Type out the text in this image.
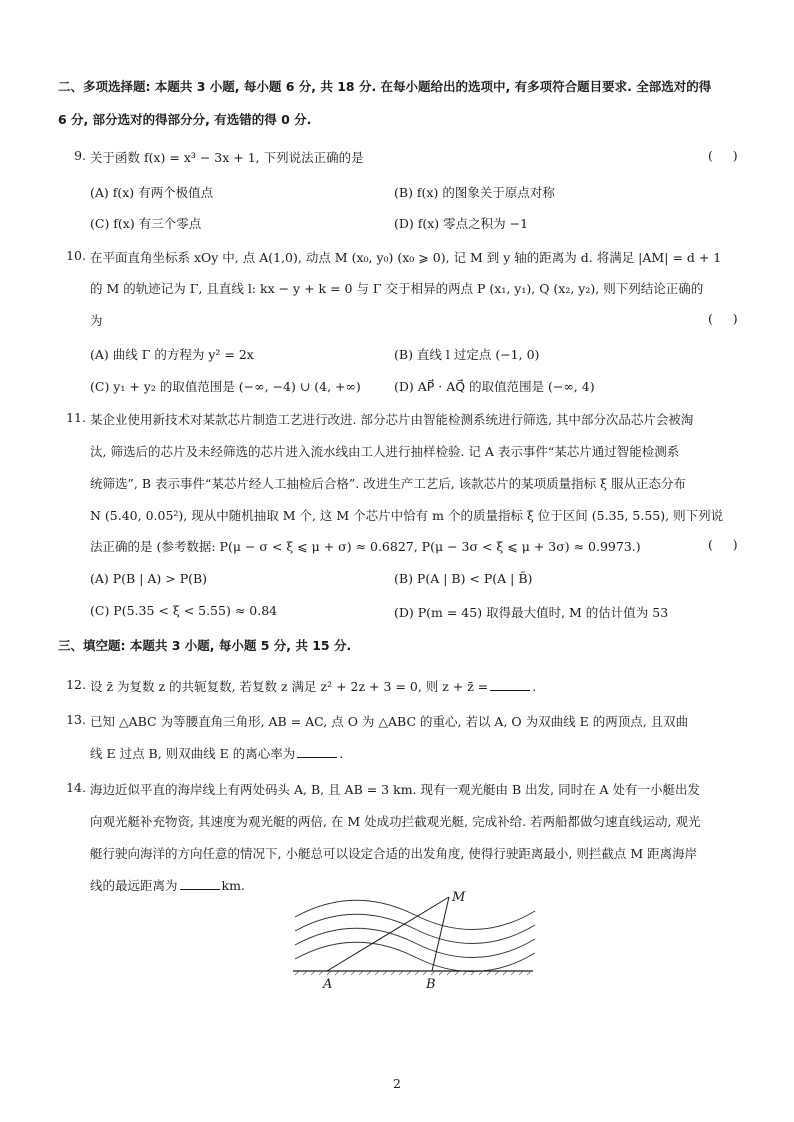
二、多项选择题: 本题共 3 小题, 每小题 6 分, 共 18 分. 在每小题给出的选项中, 有多项符合题目要求. 全部选对的得
6 分, 部分选对的得部分分, 有选错的得 0 分.
9. 关于函数 f(x) = x³ − 3x + 1, 下列说法正确的是	(     )
(A) f(x) 有两个极值点	(B) f(x) 的图象关于原点对称
(C) f(x) 有三个零点	(D) f(x) 零点之积为 −1
10. 在平面直角坐标系 xOy 中, 点 A(1,0), 动点 M (x₀, y₀) (x₀ ⩾ 0), 记 M 到 y 轴的距离为 d. 将满足 |AM| = d + 1
的 M 的轨迹记为 Γ, 且直线 l: kx − y + k = 0 与 Γ 交于相异的两点 P (x₁, y₁), Q (x₂, y₂), 则下列结论正确的
为	(     )
(A) 曲线 Γ 的方程为 y² = 2x	(B) 直线 l 过定点 (−1, 0)
(C) y₁ + y₂ 的取值范围是 (−∞, −4) ∪ (4, +∞)	(D) AP⃗ · AQ⃗ 的取值范围是 (−∞, 4)
11. 某企业使用新技术对某款芯片制造工艺进行改进. 部分芯片由智能检测系统进行筛选, 其中部分次品芯片会被淘
汰, 筛选后的芯片及未经筛选的芯片进入流水线由工人进行抽样检验. 记 A 表示事件“某芯片通过智能检测系
统筛选”, B 表示事件“某芯片经人工抽检后合格”. 改进生产工艺后, 该款芯片的某项质量指标 ξ 服从正态分布
N (5.40, 0.05²), 现从中随机抽取 M 个, 这 M 个芯片中恰有 m 个的质量指标 ξ 位于区间 (5.35, 5.55), 则下列说
法正确的是 (参考数据: P(μ − σ < ξ ⩽ μ + σ) ≈ 0.6827, P(μ − 3σ < ξ ⩽ μ + 3σ) ≈ 0.9973.)	(     )
(A) P(B | A) > P(B)	(B) P(A | B) < P(A | B̄)
(C) P(5.35 < ξ < 5.55) ≈ 0.84	(D) P(m = 45) 取得最大值时, M 的估计值为 53
三、填空题: 本题共 3 小题, 每小题 5 分, 共 15 分.
12. 设 z̄ 为复数 z 的共轭复数, 若复数 z 满足 z² + 2z + 3 = 0, 则 z + z̄ =	.
13. 已知 △ABC 为等腰直角三角形, AB = AC, 点 O 为 △ABC 的重心, 若以 A, O 为双曲线 E 的两顶点, 且双曲
线 E 过点 B, 则双曲线 E 的离心率为	.
14. 海边近似平直的海岸线上有两处码头 A, B, 且 AB = 3 km. 现有一观光艇由 B 出发, 同时在 A 处有一小艇出发
向观光艇补充物资, 其速度为观光艇的两倍, 在 M 处成功拦截观光艇, 完成补给. 若两船都做匀速直线运动, 观光
艇行驶向海洋的方向任意的情况下, 小艇总可以设定合适的出发角度, 使得行驶距离最小, 则拦截点 M 距离海岸
线的最远距离为	km.
A	B
M
2
